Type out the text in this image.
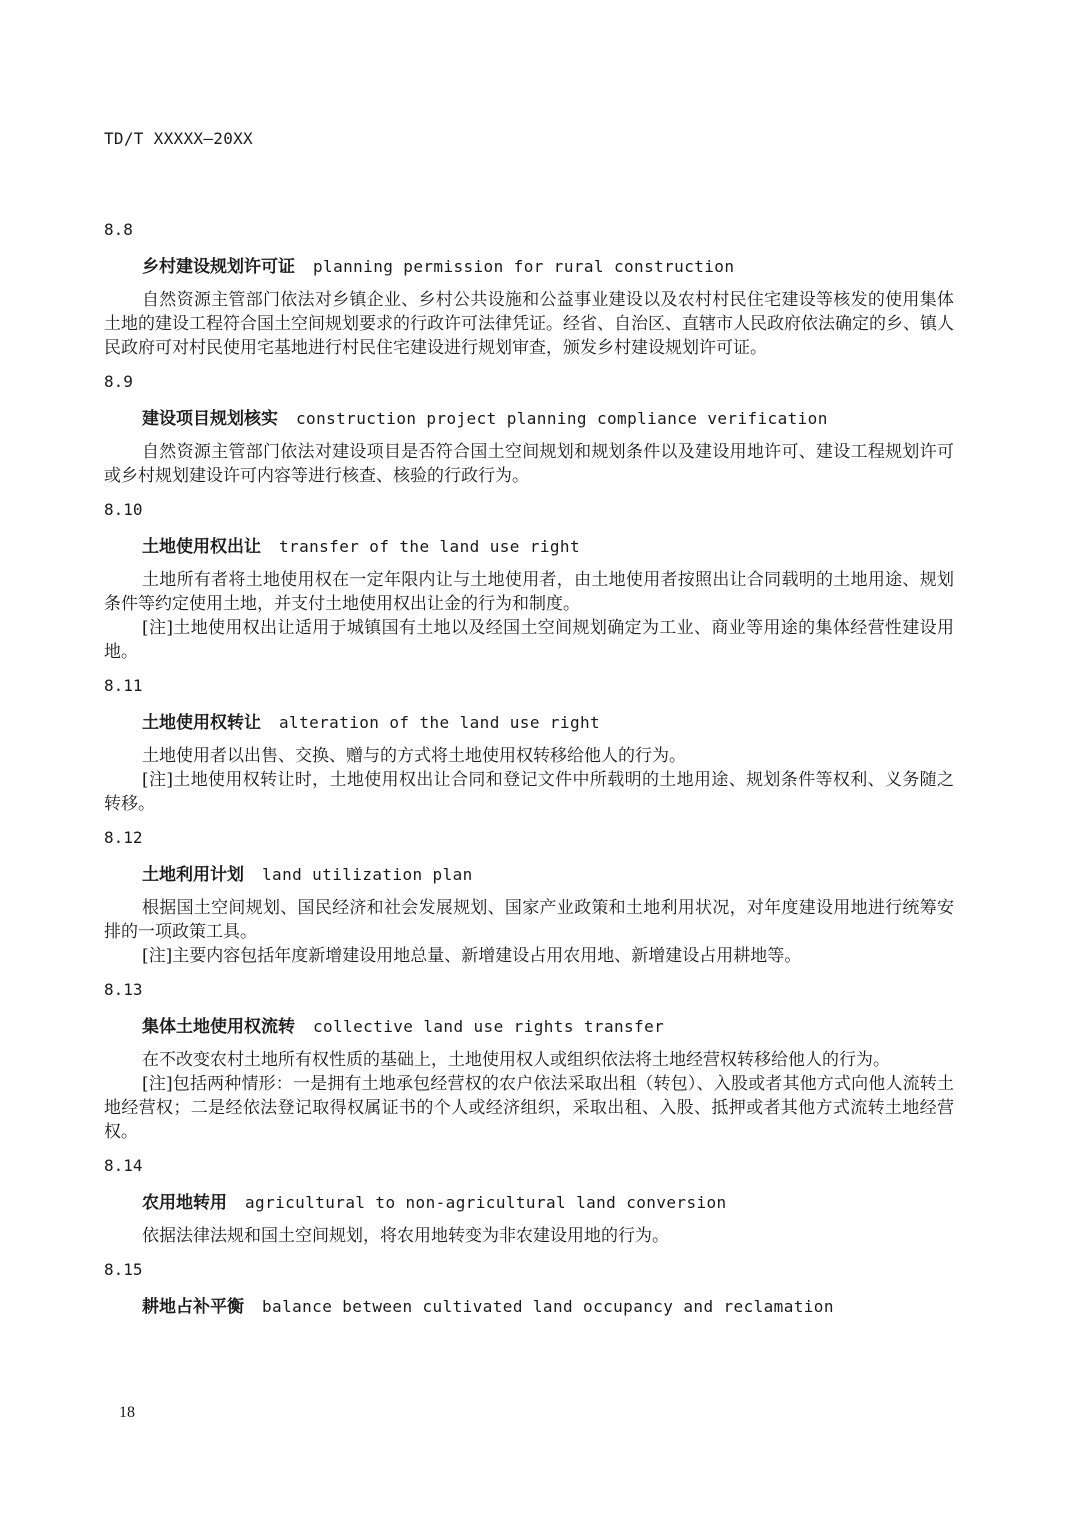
TD/T XXXXX—20XX
8.8
乡村建设规划许可证 planning permission for rural construction
自然资源主管部门依法对乡镇企业、乡村公共设施和公益事业建设以及农村村民住宅建设等核发的使用集体土地的建设工程符合国土空间规划要求的行政许可法律凭证。经省、自治区、直辖市人民政府依法确定的乡、镇人民政府可对村民使用宅基地进行村民住宅建设进行规划审查，颁发乡村建设规划许可证。
8.9
建设项目规划核实 construction project planning compliance verification
自然资源主管部门依法对建设项目是否符合国土空间规划和规划条件以及建设用地许可、建设工程规划许可或乡村规划建设许可内容等进行核查、核验的行政行为。
8.10
土地使用权出让 transfer of the land use right
土地所有者将土地使用权在一定年限内让与土地使用者，由土地使用者按照出让合同载明的土地用途、规划条件等约定使用土地，并支付土地使用权出让金的行为和制度。
[注]土地使用权出让适用于城镇国有土地以及经国土空间规划确定为工业、商业等用途的集体经营性建设用地。
8.11
土地使用权转让 alteration of the land use right
土地使用者以出售、交换、赠与的方式将土地使用权转移给他人的行为。
[注]土地使用权转让时，土地使用权出让合同和登记文件中所载明的土地用途、规划条件等权利、义务随之转移。
8.12
土地利用计划 land utilization plan
根据国土空间规划、国民经济和社会发展规划、国家产业政策和土地利用状况，对年度建设用地进行统筹安排的一项政策工具。
[注]主要内容包括年度新增建设用地总量、新增建设占用农用地、新增建设占用耕地等。
8.13
集体土地使用权流转 collective land use rights transfer
在不改变农村土地所有权性质的基础上，土地使用权人或组织依法将土地经营权转移给他人的行为。
[注]包括两种情形：一是拥有土地承包经营权的农户依法采取出租（转包）、入股或者其他方式向他人流转土地经营权；二是经依法登记取得权属证书的个人或经济组织，采取出租、入股、抵押或者其他方式流转土地经营权。
8.14
农用地转用 agricultural to non-agricultural land conversion
依据法律法规和国土空间规划，将农用地转变为非农建设用地的行为。
8.15
耕地占补平衡 balance between cultivated land occupancy and reclamation
18
